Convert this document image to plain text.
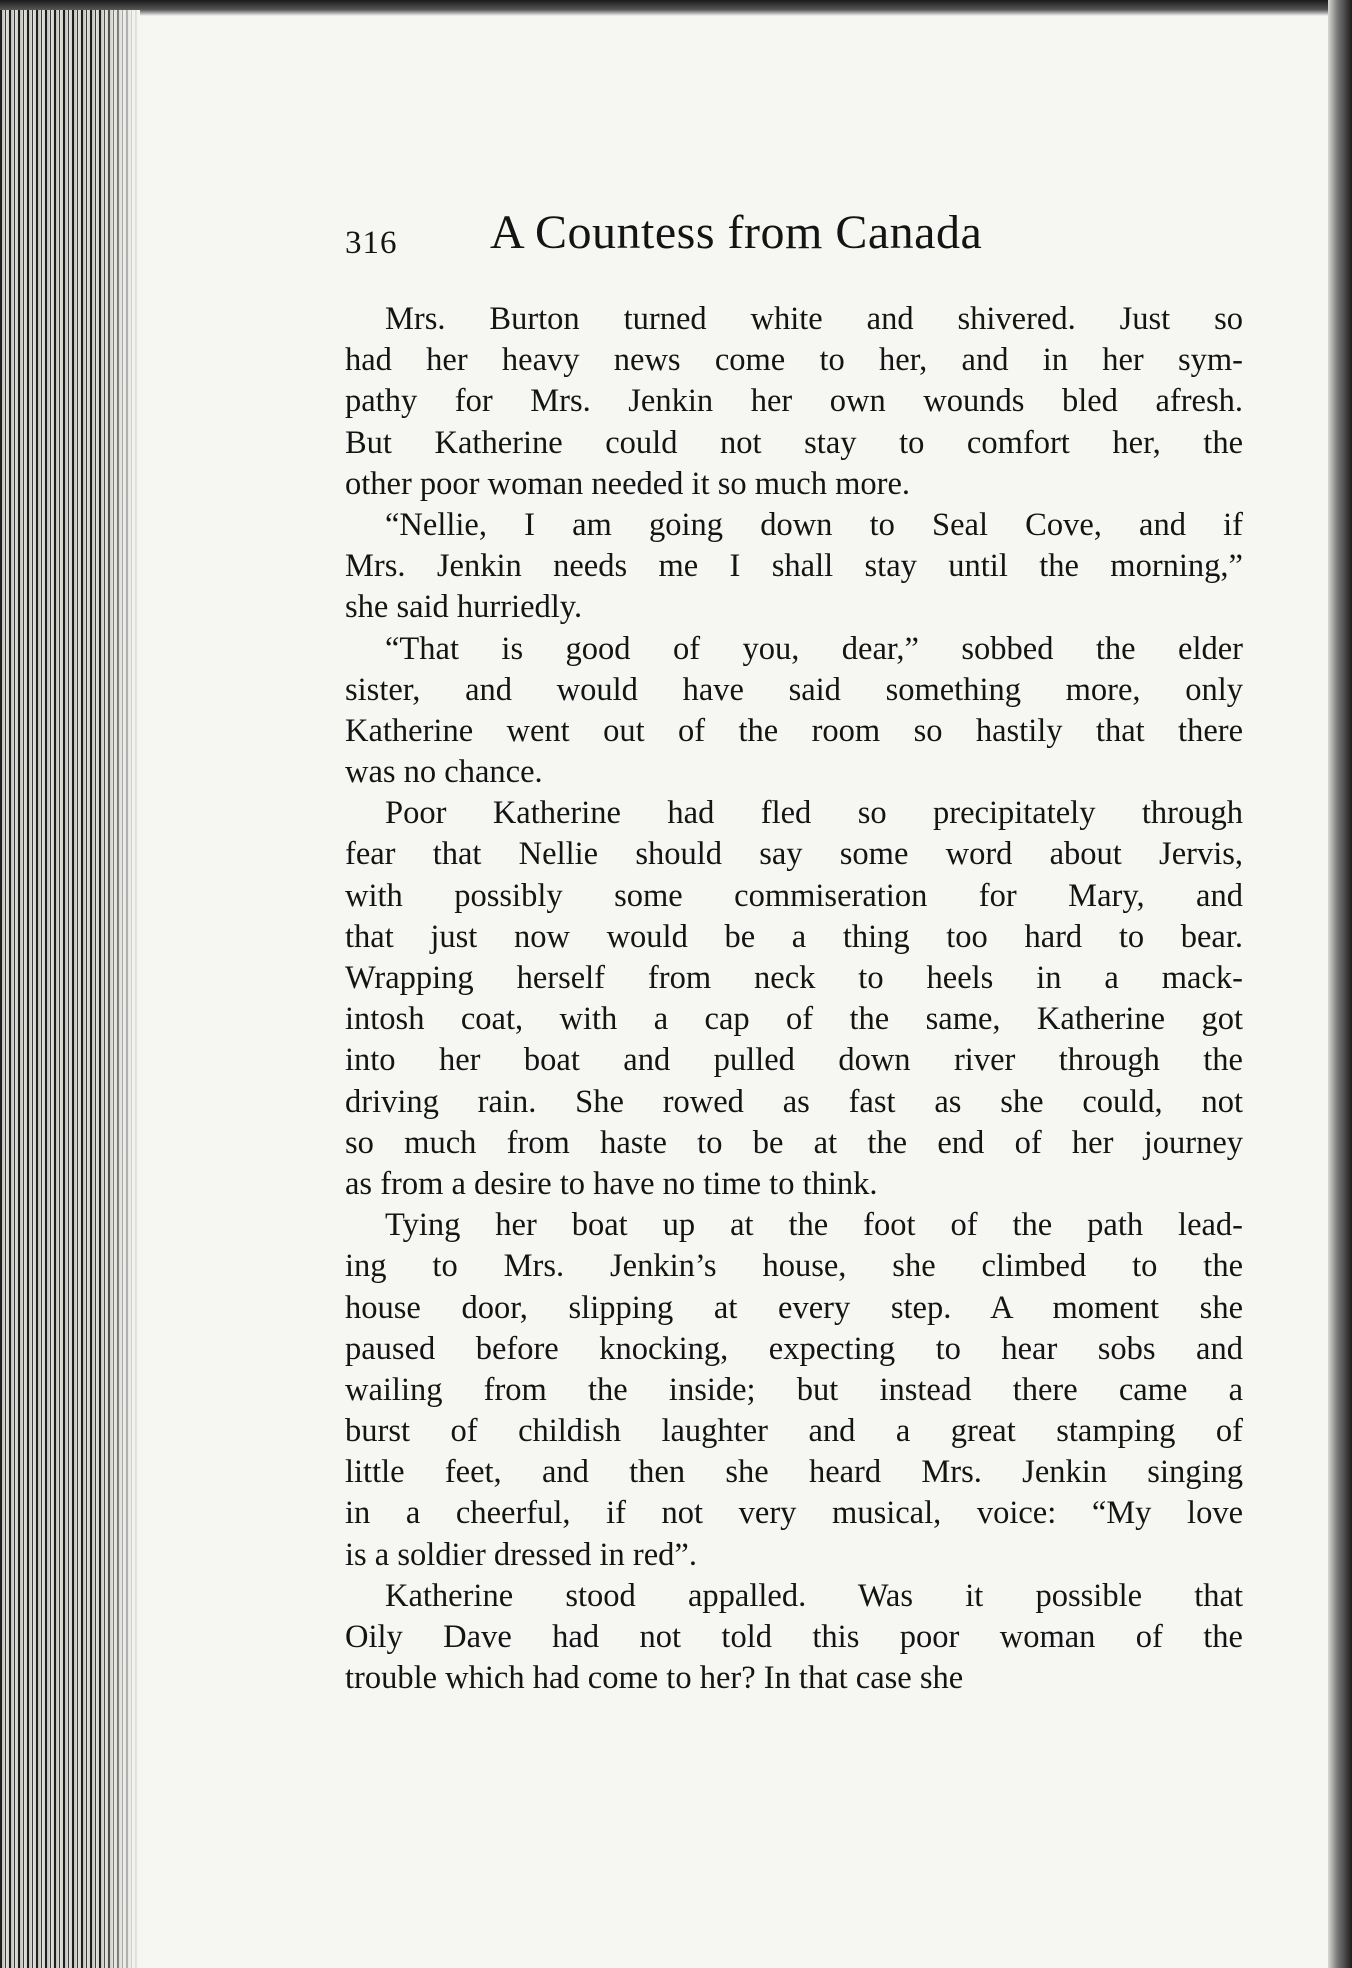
316 A Countess from Canada
Mrs. Burton turned white and shivered. Just so
had her heavy news come to her, and in her sym-
pathy for Mrs. Jenkin her own wounds bled afresh.
But Katherine could not stay to comfort her, the
other poor woman needed it so much more.
“Nellie, I am going down to Seal Cove, and if
Mrs. Jenkin needs me I shall stay until the morning,”
she said hurriedly.
“That is good of you, dear,” sobbed the elder
sister, and would have said something more, only
Katherine went out of the room so hastily that there
was no chance.
Poor Katherine had fled so precipitately through
fear that Nellie should say some word about Jervis,
with possibly some commiseration for Mary, and
that just now would be a thing too hard to bear.
Wrapping herself from neck to heels in a mack-
intosh coat, with a cap of the same, Katherine got
into her boat and pulled down river through the
driving rain. She rowed as fast as she could, not
so much from haste to be at the end of her journey
as from a desire to have no time to think.
Tying her boat up at the foot of the path lead-
ing to Mrs. Jenkin’s house, she climbed to the
house door, slipping at every step. A moment she
paused before knocking, expecting to hear sobs and
wailing from the inside; but instead there came a
burst of childish laughter and a great stamping of
little feet, and then she heard Mrs. Jenkin singing
in a cheerful, if not very musical, voice: “My love
is a soldier dressed in red”.
Katherine stood appalled. Was it possible that
Oily Dave had not told this poor woman of the
trouble which had come to her? In that case she
